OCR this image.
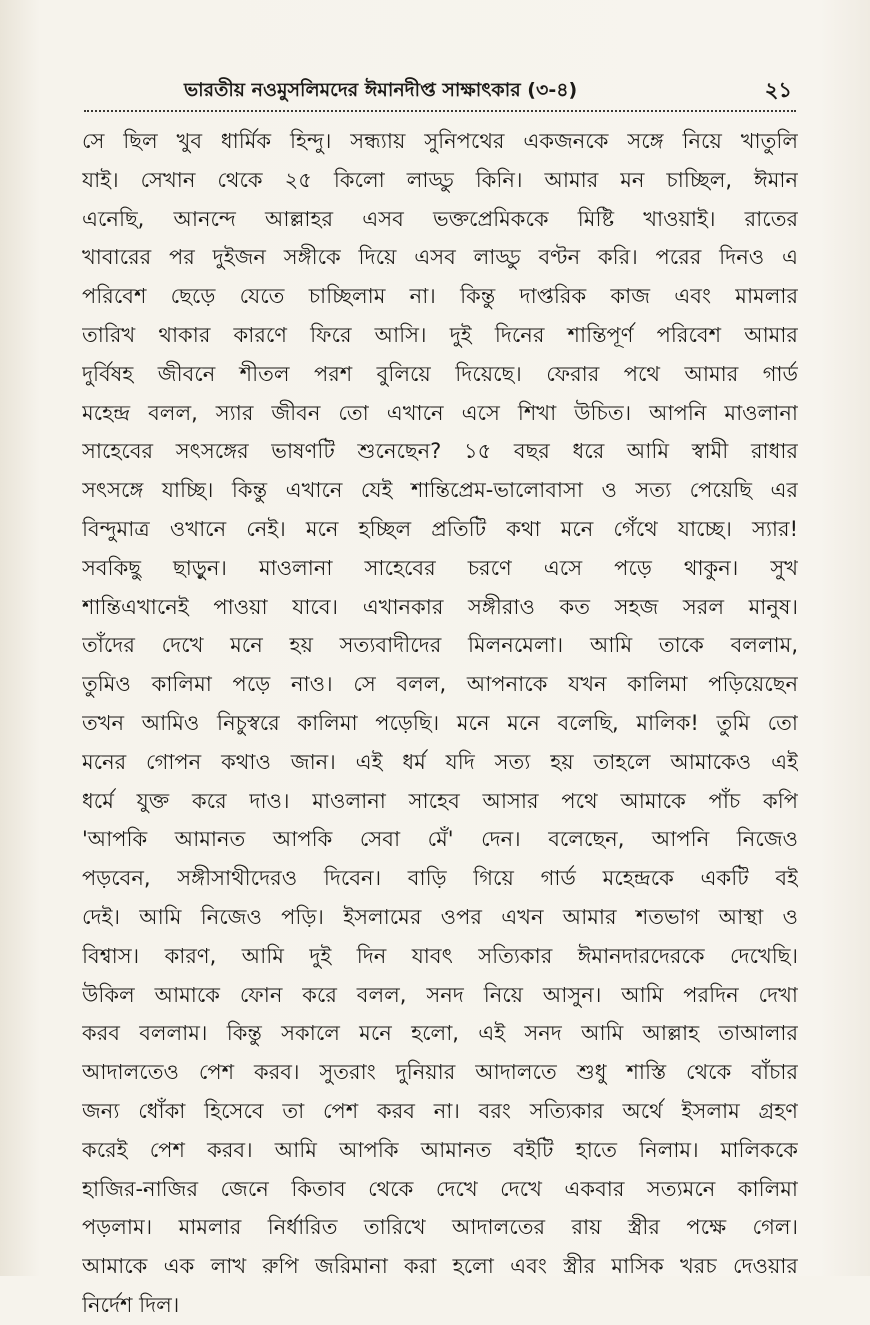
ভারতীয় নওমুসলিমদের ঈমানদীপ্ত সাক্ষাৎকার (৩-৪)	২১
সে ছিল খুব ধার্মিক হিন্দু। সন্ধ্যায় সুনিপথের একজনকে সঙ্গে নিয়ে খাতুলি
যাই। সেখান থেকে ২৫ কিলো লাড্ডু কিনি। আমার মন চাচ্ছিল, ঈমান
এনেছি, আনন্দে আল্লাহর এসব ভক্তপ্রেমিককে মিষ্টি খাওয়াই। রাতের
খাবারের পর দুইজন সঙ্গীকে দিয়ে এসব লাড্ডু বণ্টন করি। পরের দিনও এ
পরিবেশ ছেড়ে যেতে চাচ্ছিলাম না। কিন্তু দাপ্তরিক কাজ এবং মামলার
তারিখ থাকার কারণে ফিরে আসি। দুই দিনের শান্তিপূর্ণ পরিবেশ আমার
দুর্বিষহ জীবনে শীতল পরশ বুলিয়ে দিয়েছে। ফেরার পথে আমার গার্ড
মহেন্দ্র বলল, স্যার জীবন তো এখানে এসে শিখা উচিত। আপনি মাওলানা
সাহেবের সৎসঙ্গের ভাষণটি শুনেছেন? ১৫ বছর ধরে আমি স্বামী রাধার
সৎসঙ্গে যাচ্ছি। কিন্তু এখানে যেই শান্তিপ্রেম-ভালোবাসা ও সত্য পেয়েছি এর
বিন্দুমাত্র ওখানে নেই। মনে হচ্ছিল প্রতিটি কথা মনে গেঁথে যাচ্ছে। স্যার!
সবকিছু ছাড়ুন। মাওলানা সাহেবের চরণে এসে পড়ে থাকুন। সুখ
শান্তিএখানেই পাওয়া যাবে। এখানকার সঙ্গীরাও কত সহজ সরল মানুষ।
তাঁদের দেখে মনে হয় সত্যবাদীদের মিলনমেলা। আমি তাকে বললাম,
তুমিও কালিমা পড়ে নাও। সে বলল, আপনাকে যখন কালিমা পড়িয়েছেন
তখন আমিও নিচুস্বরে কালিমা পড়েছি। মনে মনে বলেছি, মালিক! তুমি তো
মনের গোপন কথাও জান। এই ধর্ম যদি সত্য হয় তাহলে আমাকেও এই
ধর্মে যুক্ত করে দাও। মাওলানা সাহেব আসার পথে আমাকে পাঁচ কপি
'আপকি আমানত আপকি সেবা মেঁ' দেন। বলেছেন, আপনি নিজেও
পড়বেন, সঙ্গীসাথীদেরও দিবেন। বাড়ি গিয়ে গার্ড মহেন্দ্রকে একটি বই
দেই। আমি নিজেও পড়ি। ইসলামের ওপর এখন আমার শতভাগ আস্থা ও
বিশ্বাস। কারণ, আমি দুই দিন যাবৎ সত্যিকার ঈমানদারদেরকে দেখেছি।
উকিল আমাকে ফোন করে বলল, সনদ নিয়ে আসুন। আমি পরদিন দেখা
করব বললাম। কিন্তু সকালে মনে হলো, এই সনদ আমি আল্লাহ তাআলার
আদালতেও পেশ করব। সুতরাং দুনিয়ার আদালতে শুধু শাস্তি থেকে বাঁচার
জন্য ধোঁকা হিসেবে তা পেশ করব না। বরং সত্যিকার অর্থে ইসলাম গ্রহণ
করেই পেশ করব। আমি আপকি আমানত বইটি হাতে নিলাম। মালিককে
হাজির-নাজির জেনে কিতাব থেকে দেখে দেখে একবার সত্যমনে কালিমা
পড়লাম। মামলার নির্ধারিত তারিখে আদালতের রায় স্ত্রীর পক্ষে গেল।
আমাকে এক লাখ রুপি জরিমানা করা হলো এবং স্ত্রীর মাসিক খরচ দেওয়ার
নির্দেশ দিল।
